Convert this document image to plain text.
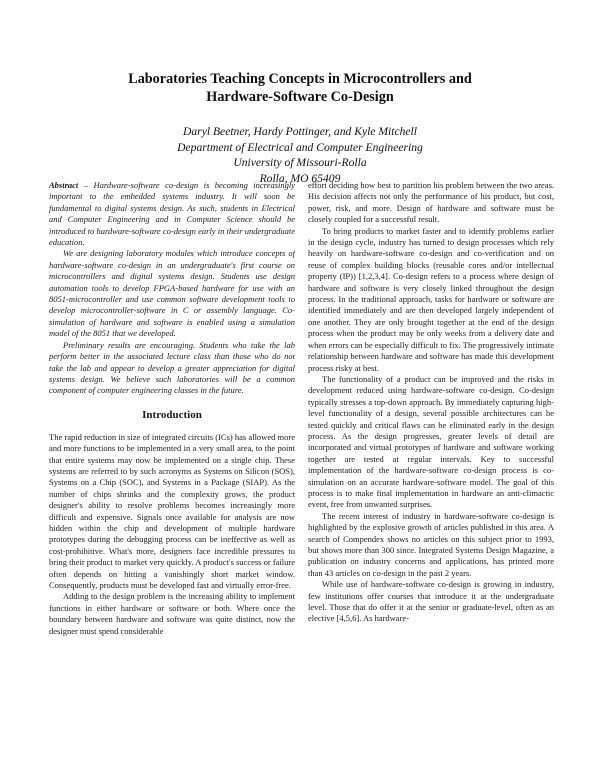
Laboratories Teaching Concepts in Microcontrollers and
Hardware-Software Co-Design

Daryl Beetner, Hardy Pottinger, and Kyle Mitchell
Department of Electrical and Computer Engineering
University of Missouri-Rolla
Rolla, MO 65409

Abstract – Hardware-software co-design is becoming increasingly important to the embedded systems industry. It will soon be fundamental to digital systems design. As such, students in Electrical and Computer Engineering and in Computer Science should be introduced to hardware-software co-design early in their undergraduate education.

We are designing laboratory modules which introduce concepts of hardware-software co-design in an undergraduate's first course on microcontrollers and digital systems design. Students use design automation tools to develop FPGA-based hardware for use with an 8051-microcontroller and use common software development tools to develop microcontroller-software in C or assembly language. Co-simulation of hardware and software is enabled using a simulation model of the 8051 that we developed.

Preliminary results are encouraging. Students who take the lab perform better in the associated lecture class than those who do not take the lab and appear to develop a greater appreciation for digital systems design. We believe such laboratories will be a common component of computer engineering classes in the future.

Introduction

The rapid reduction in size of integrated circuits (ICs) has allowed more and more functions to be implemented in a very small area, to the point that entire systems may now be implemented on a single chip. These systems are referred to by such acronyms as Systems on Silicon (SOS), Systems on a Chip (SOC), and Systems in a Package (SIAP). As the number of chips shrinks and the complexity grows, the product designer's ability to resolve problems becomes increasingly more difficult and expensive. Signals once available for analysis are now hidden within the chip and development of multiple hardware prototypes during the debugging process can be ineffective as well as cost-prohibitive. What's more, designers face incredible pressures to bring their product to market very quickly. A product's success or failure often depends on hitting a vanishingly short market window. Consequently, products must be developed fast and virtually error-free.

Adding to the design problem is the increasing ability to implement functions in either hardware or software or both. Where once the boundary between hardware and software was quite distinct, now the designer must spend considerable

effort deciding how best to partition his problem between the two areas. His decision affects not only the performance of his product, but cost, power, risk, and more. Design of hardware and software must be closely coupled for a successful result.

To bring products to market faster and to identify problems earlier in the design cycle, industry has turned to design processes which rely heavily on hardware-software co-design and co-verification and on reuse of complex building blocks (reusable cores and/or intellectual property (IP)) [1,2,3,4]. Co-design refers to a process where design of hardware and software is very closely linked throughout the design process. In the traditional approach, tasks for hardware or software are identified immediately and are then developed largely independent of one another. They are only brought together at the end of the design process when the product may be only weeks from a delivery date and when errors can be especially difficult to fix. The progressively intimate relationship between hardware and software has made this development process risky at best.

The functionality of a product can be improved and the risks in development reduced using hardware-software co-design. Co-design typically stresses a top-down approach. By immediately capturing high-level functionality of a design, several possible architectures can be tested quickly and critical flaws can be eliminated early in the design process. As the design progresses, greater levels of detail are incorporated and virtual prototypes of hardware and software working together are tested at regular intervals. Key to successful implementation of the hardware-software co-design process is co-simulation on an accurate hardware-software model. The goal of this process is to make final implementation in hardware an anti-climactic event, free from unwanted surprises.

The recent interest of industry in hardware-software co-design is highlighted by the explosive growth of articles published in this area. A search of Compendex shows no articles on this subject prior to 1993, but shows more than 300 since. Integrated Systems Design Magazine, a publication on industry concerns and applications, has printed more than 43 articles on co-design in the past 2 years.

While use of hardware-software co-design is growing in industry, few institutions offer courses that introduce it at the undergraduate level. Those that do offer it at the senior or graduate-level, often as an elective [4,5,6]. As hardware-
